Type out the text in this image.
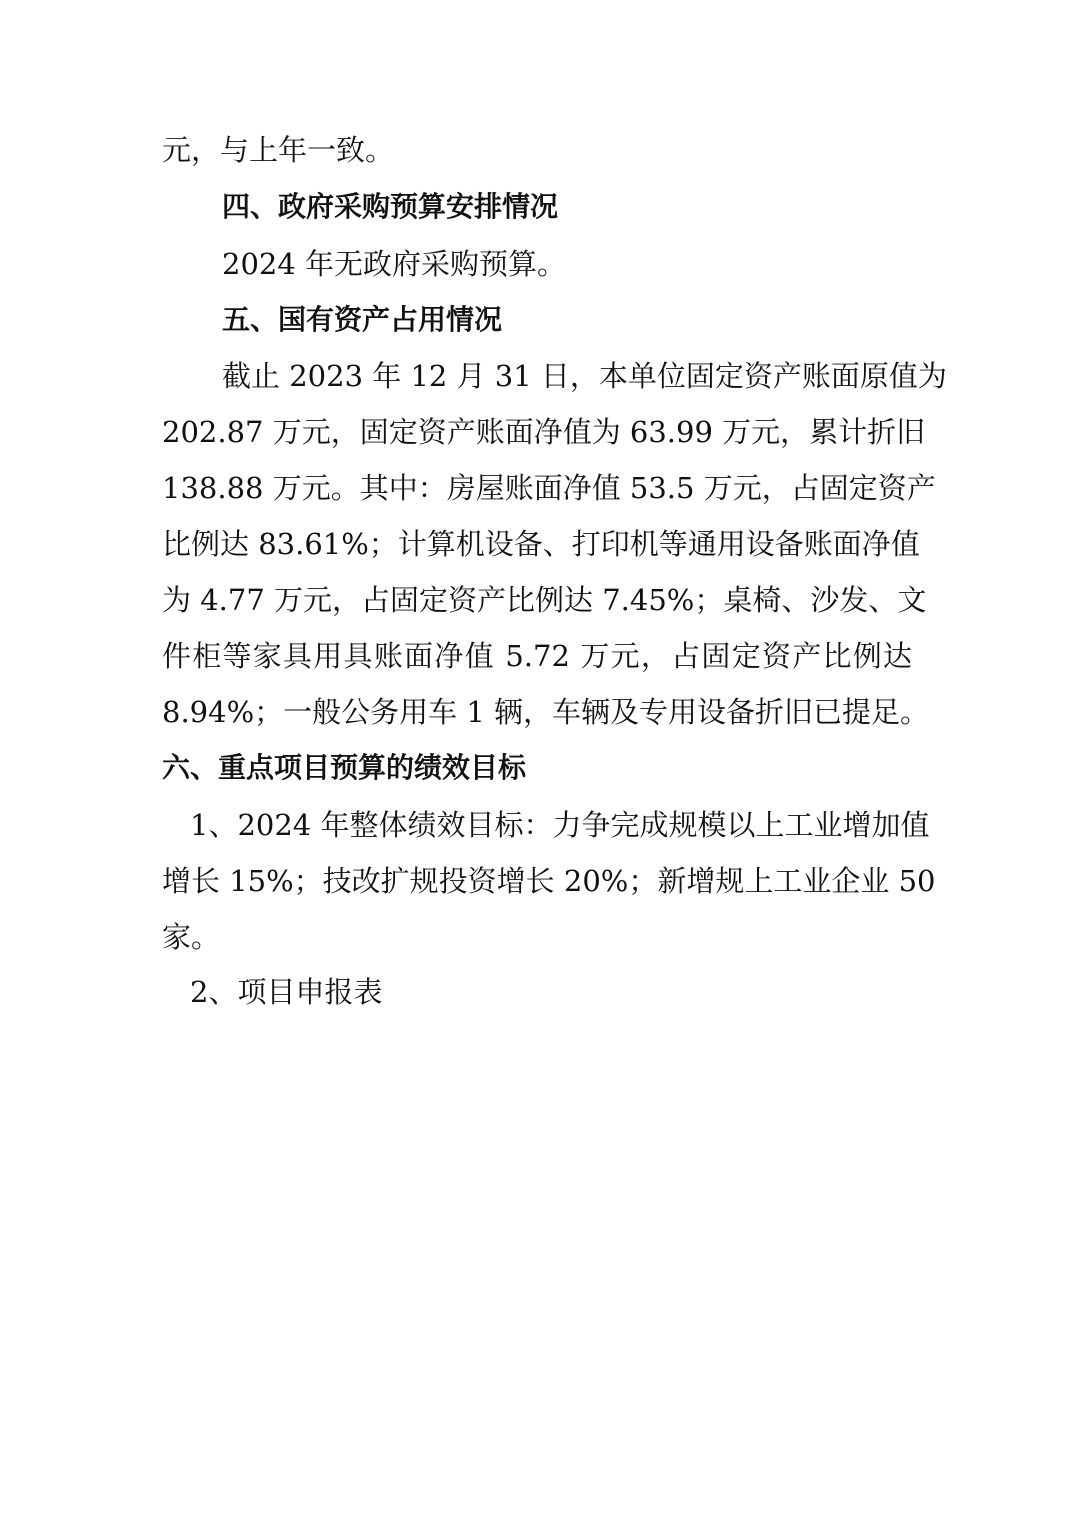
元，与上年一致。
四、政府采购预算安排情况
2024 年无政府采购预算。
五、国有资产占用情况
截止 2023 年 12 月 31 日，本单位固定资产账面原值为
202.87 万元，固定资产账面净值为 63.99 万元，累计折旧
138.88 万元。其中：房屋账面净值 53.5 万元，占固定资产
比例达 83.61%；计算机设备、打印机等通用设备账面净值
为 4.77 万元，占固定资产比例达 7.45%；桌椅、沙发、文
件柜等家具用具账面净值 5.72 万元，占固定资产比例达
8.94%；一般公务用车 1 辆，车辆及专用设备折旧已提足。
六、重点项目预算的绩效目标
1、2024 年整体绩效目标：力争完成规模以上工业增加值
增长 15%；技改扩规投资增长 20%；新增规上工业企业 50
家。
2、项目申报表
